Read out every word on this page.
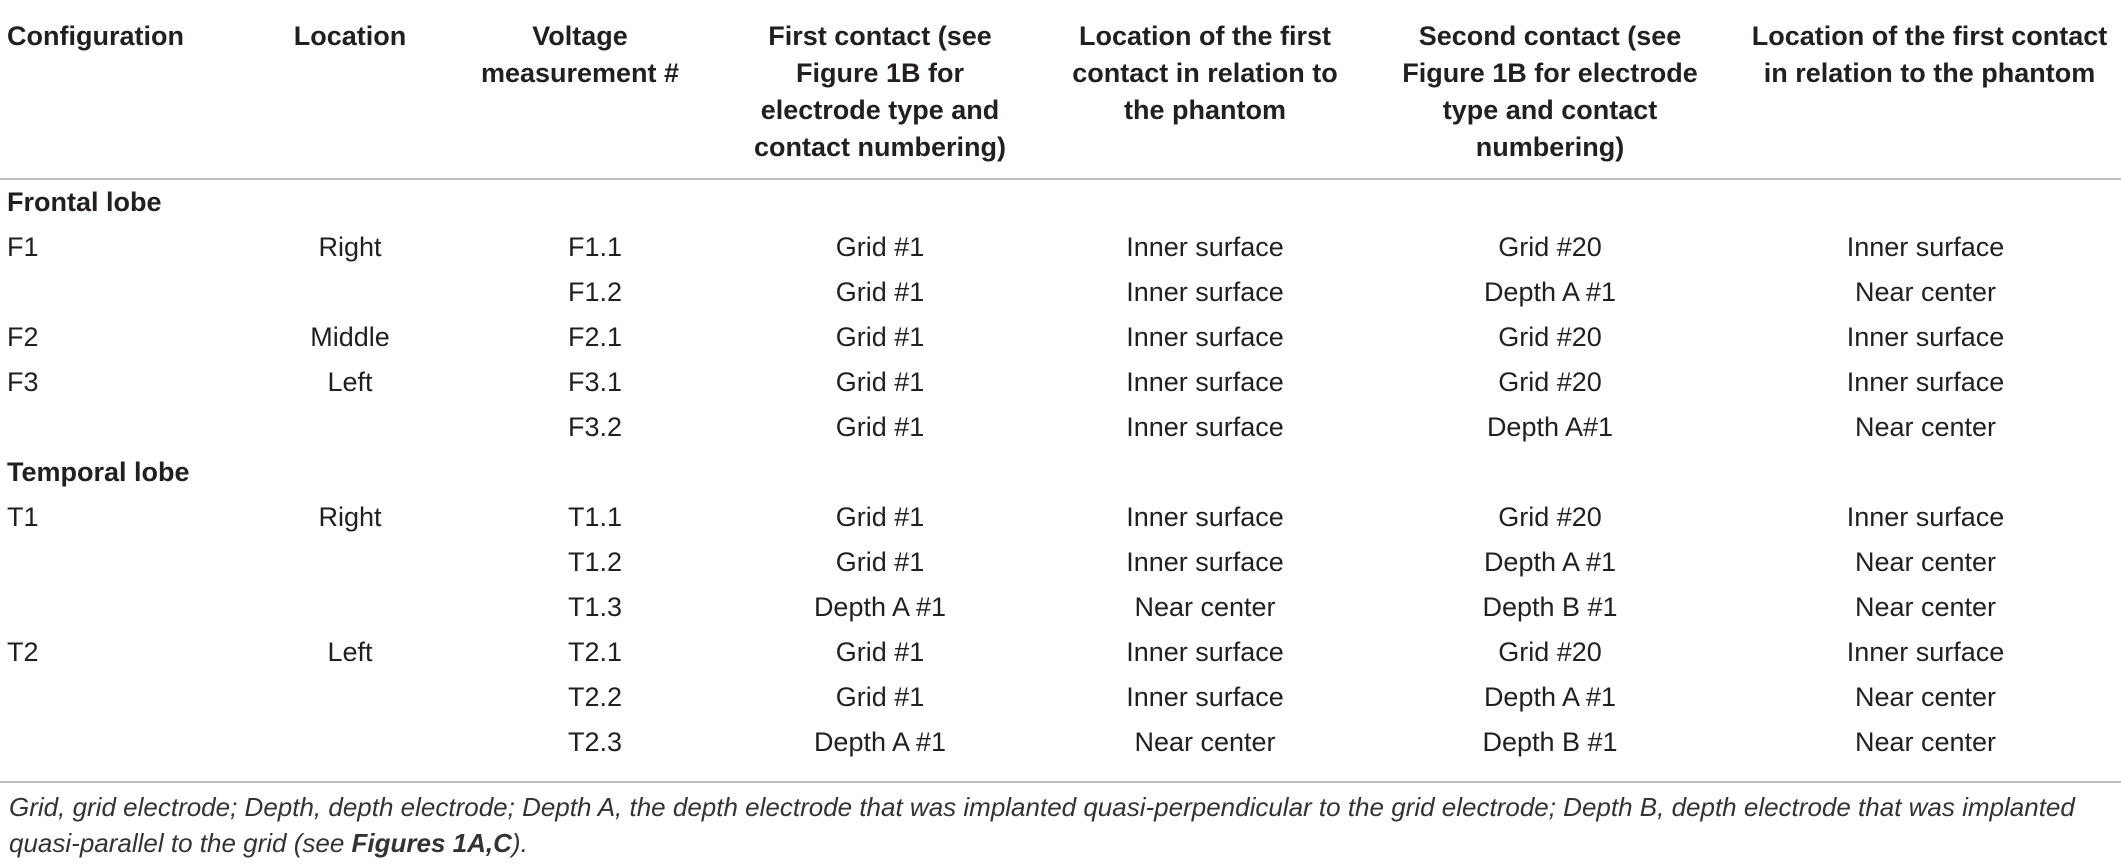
Configuration	Location	Voltage measurement #	First contact (see Figure 1B for electrode type and contact numbering)	Location of the first contact in relation to the phantom	Second contact (see Figure 1B for electrode type and contact numbering)	Location of the first contact in relation to the phantom
Frontal lobe						
F1	Right	F1.1	Grid #1	Inner surface	Grid #20	Inner surface
		F1.2	Grid #1	Inner surface	Depth A #1	Near center
F2	Middle	F2.1	Grid #1	Inner surface	Grid #20	Inner surface
F3	Left	F3.1	Grid #1	Inner surface	Grid #20	Inner surface
		F3.2	Grid #1	Inner surface	Depth A#1	Near center
Temporal lobe						
T1	Right	T1.1	Grid #1	Inner surface	Grid #20	Inner surface
		T1.2	Grid #1	Inner surface	Depth A #1	Near center
		T1.3	Depth A #1	Near center	Depth B #1	Near center
T2	Left	T2.1	Grid #1	Inner surface	Grid #20	Inner surface
		T2.2	Grid #1	Inner surface	Depth A #1	Near center
		T2.3	Depth A #1	Near center	Depth B #1	Near center
Grid, grid electrode; Depth, depth electrode; Depth A, the depth electrode that was implanted quasi-perpendicular to the grid electrode; Depth B, depth electrode that was implanted quasi-parallel to the grid (see Figures 1A,C).
